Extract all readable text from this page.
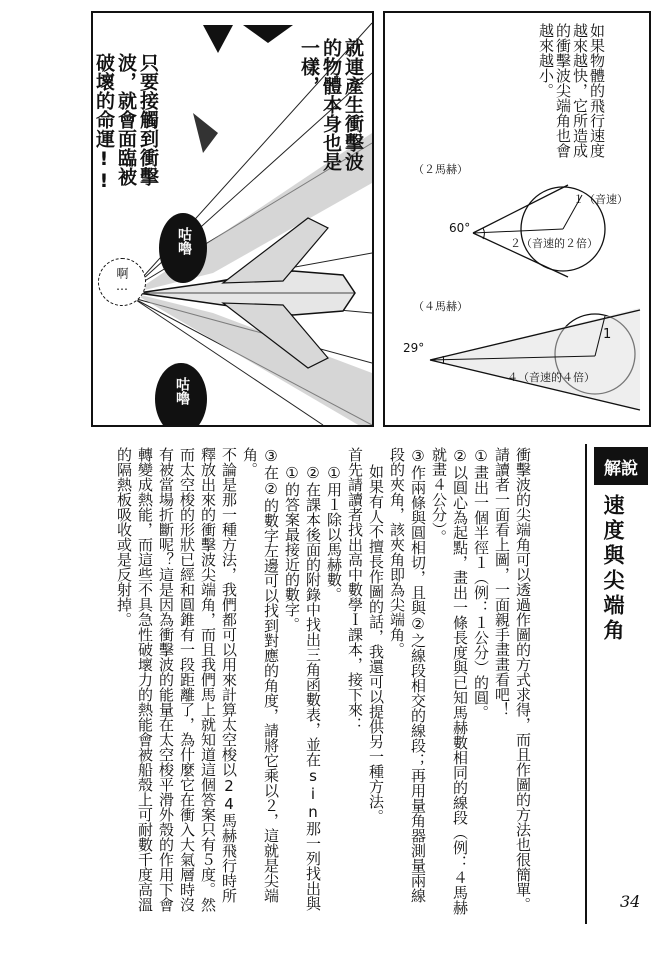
就連產生衝擊波的物體本身也是一樣，
只要接觸到衝擊波，就會面臨被破壞的命運!!
咕嚕
啊…
咕嚕
如果物體的飛行速度越來越快，它所造成的衝擊波尖端角也會越來越小。
（２馬赫）
60°
１（音速）
２（音速的２倍）
（４馬赫）
29°
1
４（音速的４倍）
解說
速度與尖端角

衝擊波的尖端角可以透過作圖的方式求得，而且作圖的方法也很簡單。請讀者一面看上圖，一面親手畫畫看吧！

①畫出一個半徑１（例：１公分）的圓。

②以圓心為起點，畫出一條長度與已知馬赫數相同的線段（例：４馬赫就畫４公分）。

③作兩條與圓相切，且與②之線段相交的線段；再用量角器測量兩線段的夾角，該夾角即為尖端角。

如果有人不擅長作圖的話，我還可以提供另一種方法。

首先請讀者找出高中數學Ｉ課本，接下來：

①用１除以馬赫數。

②在課本後面的附錄中找出三角函數表，並在sin那一列找出與①的答案最接近的數字。

③在②的數字左邊可以找到對應的角度，請將它乘以２，這就是尖端角。

不論是那一種方法，我們都可以用來計算太空梭以24馬赫飛行時所釋放出來的衝擊波尖端角，而且我們馬上就知道這個答案只有５度。然而太空梭的形狀已經和圓錐有一段距離了，為什麼它在衝入大氣層時沒有被當場折斷呢？這是因為衝擊波的能量在太空梭平滑外殼的作用下會轉變成熱能，而這些不具急性破壞力的熱能會被船殼上可耐數千度高溫的隔熱板吸收或是反射掉。

34
